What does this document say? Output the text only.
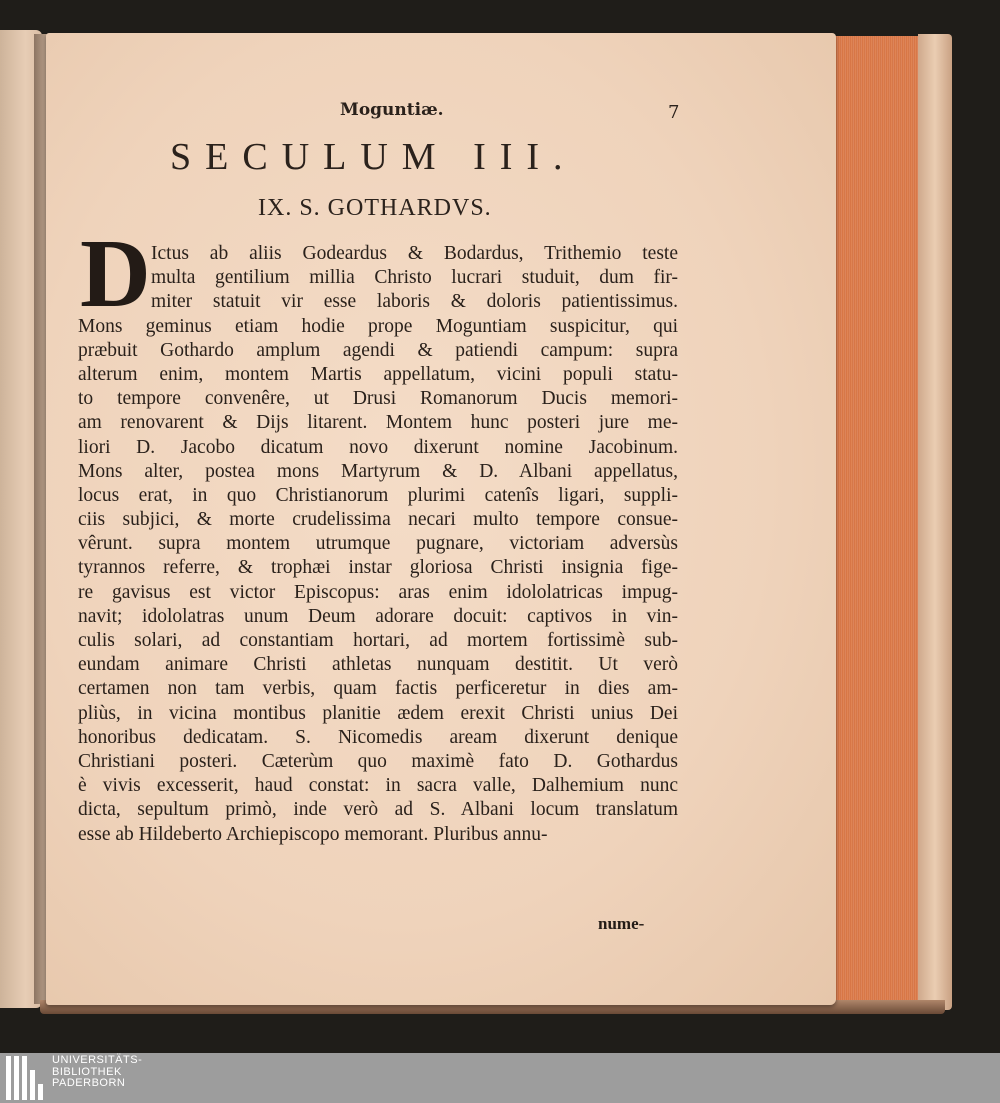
Moguntiæ.	7
SECULUM III.
IX. S. GOTHARDVS.
D Ictus ab aliis Godeardus & Bodardus, Trithemio teste
multa gentilium millia Christo lucrari studuit, dum fir-
miter statuit vir esse laboris & doloris patientissimus.
Mons geminus etiam hodie prope Moguntiam suspicitur, qui
præbuit Gothardo amplum agendi & patiendi campum: supra
alterum enim, montem Martis appellatum, vicini populi statu-
to tempore convenêre, ut Drusi Romanorum Ducis memori-
am renovarent & Dijs litarent. Montem hunc posteri jure me-
liori D. Jacobo dicatum novo dixerunt nomine Jacobinum.
Mons alter, postea mons Martyrum & D. Albani appellatus,
locus erat, in quo Christianorum plurimi catenîs ligari, suppli-
ciis subjici, & morte crudelissima necari multo tempore consue-
vêrunt. supra montem utrumque pugnare, victoriam adversùs
tyrannos referre, & trophæi instar gloriosa Christi insignia fige-
re gavisus est victor Episcopus: aras enim idololatricas impug-
navit; idololatras unum Deum adorare docuit: captivos in vin-
culis solari, ad constantiam hortari, ad mortem fortissimè sub-
eundam animare Christi athletas nunquam destitit. Ut verò
certamen non tam verbis, quam factis perficeretur in dies am-
pliùs, in vicina montibus planitie ædem erexit Christi unius Dei
honoribus dedicatam. S. Nicomedis aream dixerunt denique
Christiani posteri. Cæterùm quo maximè fato D. Gothardus
è vivis excesserit, haud constat: in sacra valle, Dalhemium nunc
dicta, sepultum primò, inde verò ad S. Albani locum translatum
esse ab Hildeberto Archiepiscopo memorant. Pluribus annu-
nume-
UNIVERSITÄTS-
BIBLIOTHEK
PADERBORN
